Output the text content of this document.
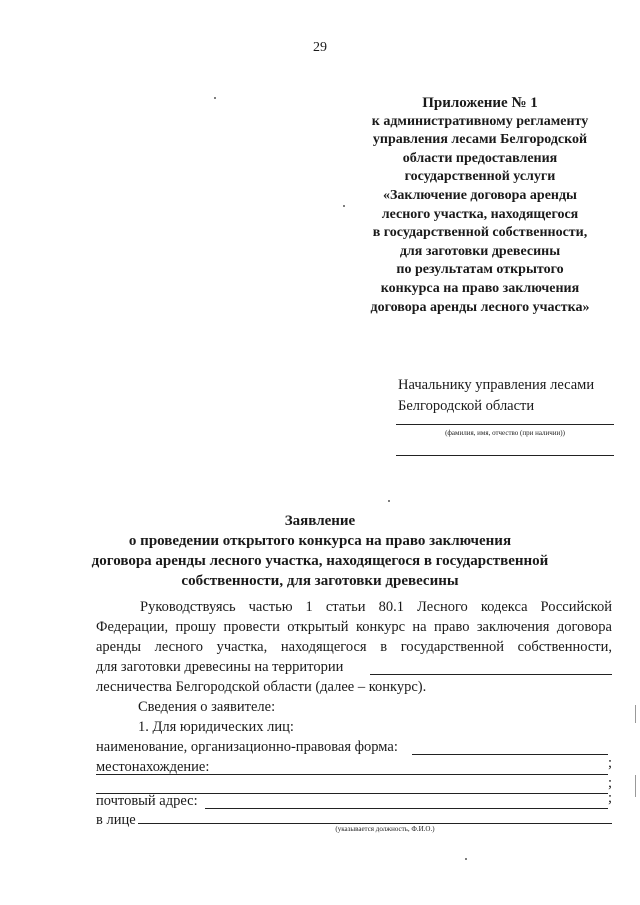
29
Приложение № 1
к административному регламенту
управления лесами Белгородской
области предоставления
государственной услуги
«Заключение договора аренды
лесного участка, находящегося
в государственной собственности,
для заготовки древесины
по результатам открытого
конкурса на право заключения
договора аренды лесного участка»
Начальнику управления лесами
Белгородской области
(фамилия, имя, отчество (при наличии))
Заявление
о проведении открытого конкурса на право заключения
договора аренды лесного участка, находящегося в государственной
собственности, для заготовки древесины
Руководствуясь частью 1 статьи 80.1 Лесного кодекса Российской
Федерации, прошу провести открытый конкурс на право заключения договора
аренды лесного участка, находящегося в государственной собственности,
для заготовки древесины на территории
лесничества Белгородской области (далее – конкурс).
Сведения о заявителе:
1. Для юридических лиц:
наименование, организационно-правовая форма:
;
местонахождение:
;
почтовый адрес:	;
в лице
(указывается должность, Ф.И.О.)
